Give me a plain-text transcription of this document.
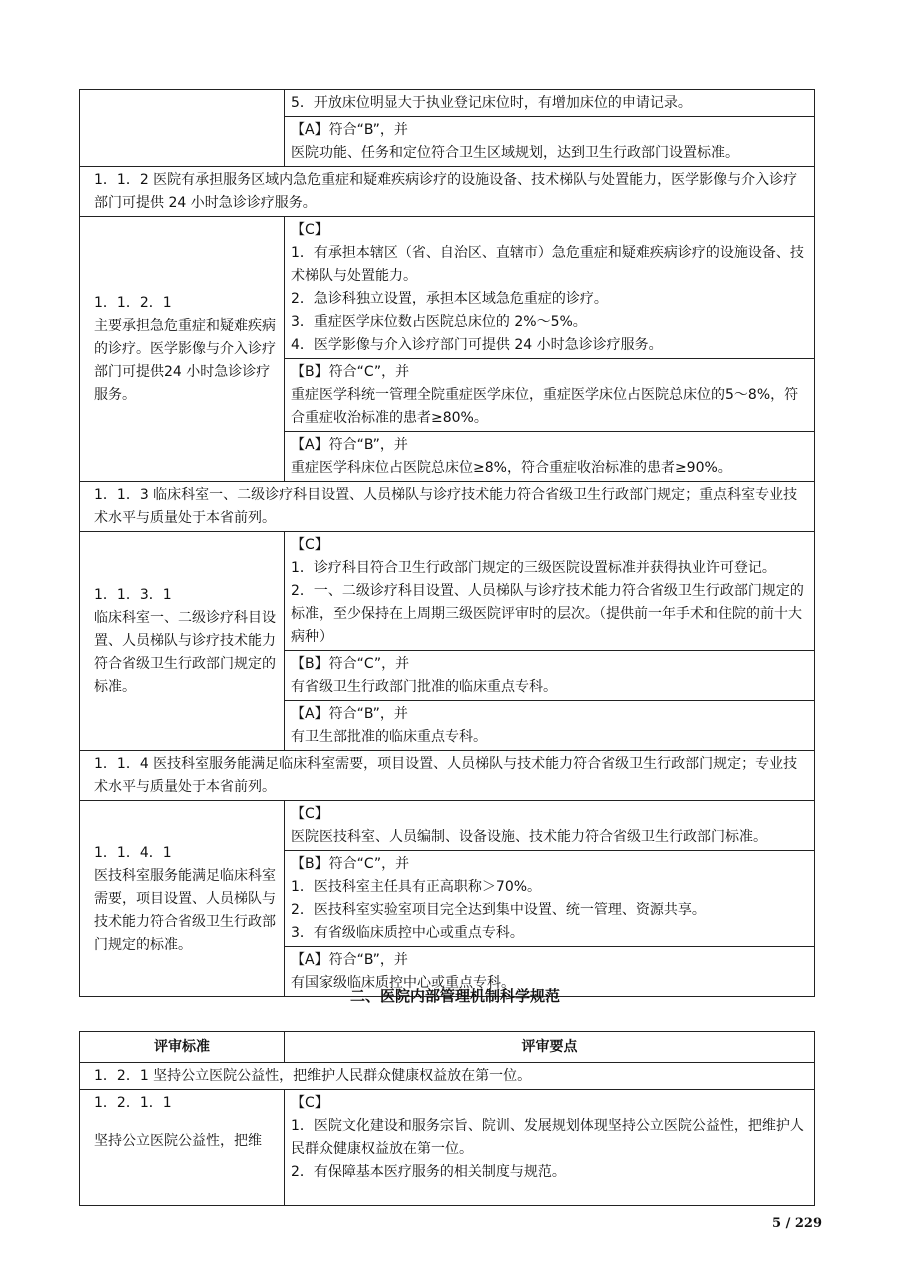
	5．开放床位明显大于执业登记床位时，有增加床位的申请记录。

	【A】符合“B”，并
医院功能、任务和定位符合卫生区域规划，达到卫生行政部门设置标准。

1．1．2 医院有承担服务区域内急危重症和疑难疾病诊疗的设施设备、技术梯队与处置能力，医学影像与介入诊疗部门可提供 24 小时急诊诊疗服务。	

1．1．2．1
主要承担急危重症和疑难疾病的诊疗。医学影像与介入诊疗部门可提供24 小时急诊诊疗服务。	【C】
1．有承担本辖区（省、自治区、直辖市）急危重症和疑难疾病诊疗的设施设备、技术梯队与处置能力。
2．急诊科独立设置，承担本区域急危重症的诊疗。
3．重症医学床位数占医院总床位的 2%～5%。
4．医学影像与介入诊疗部门可提供 24 小时急诊诊疗服务。

	【B】符合“C”，并
重症医学科统一管理全院重症医学床位，重症医学床位占医院总床位的5～8%，符合重症收治标准的患者≥80%。

	【A】符合“B”，并
重症医学科床位占医院总床位≥8%，符合重症收治标准的患者≥90%。

1．1．3 临床科室一、二级诊疗科目设置、人员梯队与诊疗技术能力符合省级卫生行政部门规定；重点科室专业技术水平与质量处于本省前列。	

1．1．3．1
临床科室一、二级诊疗科目设置、人员梯队与诊疗技术能力符合省级卫生行政部门规定的标准。	【C】
1．诊疗科目符合卫生行政部门规定的三级医院设置标准并获得执业许可登记。
2．一、二级诊疗科目设置、人员梯队与诊疗技术能力符合省级卫生行政部门规定的标准，至少保持在上周期三级医院评审时的层次。（提供前一年手术和住院的前十大病种）

	【B】符合“C”，并
有省级卫生行政部门批准的临床重点专科。

	【A】符合“B”，并
有卫生部批准的临床重点专科。

1．1．4 医技科室服务能满足临床科室需要，项目设置、人员梯队与技术能力符合省级卫生行政部门规定；专业技术水平与质量处于本省前列。	

1．1．4．1
医技科室服务能满足临床科室需要，项目设置、人员梯队与技术能力符合省级卫生行政部门规定的标准。	【C】
医院医技科室、人员编制、设备设施、技术能力符合省级卫生行政部门标准。

	【B】符合“C”，并
1．医技科室主任具有正高职称＞70%。
2．医技科室实验室项目完全达到集中设置、统一管理、资源共享。
3．有省级临床质控中心或重点专科。

	【A】符合“B”，并
有国家级临床质控中心或重点专科。
二、医院内部管理机制科学规范
评审标准	评审要点
1．2．1 坚持公立医院公益性，把维护人民群众健康权益放在第一位。	

1．2．1．1
坚持公立医院公益性，把维	【C】
1．医院文化建设和服务宗旨、院训、发展规划体现坚持公立医院公益性，把维护人民群众健康权益放在第一位。
2．有保障基本医疗服务的相关制度与规范。
5 / 229
